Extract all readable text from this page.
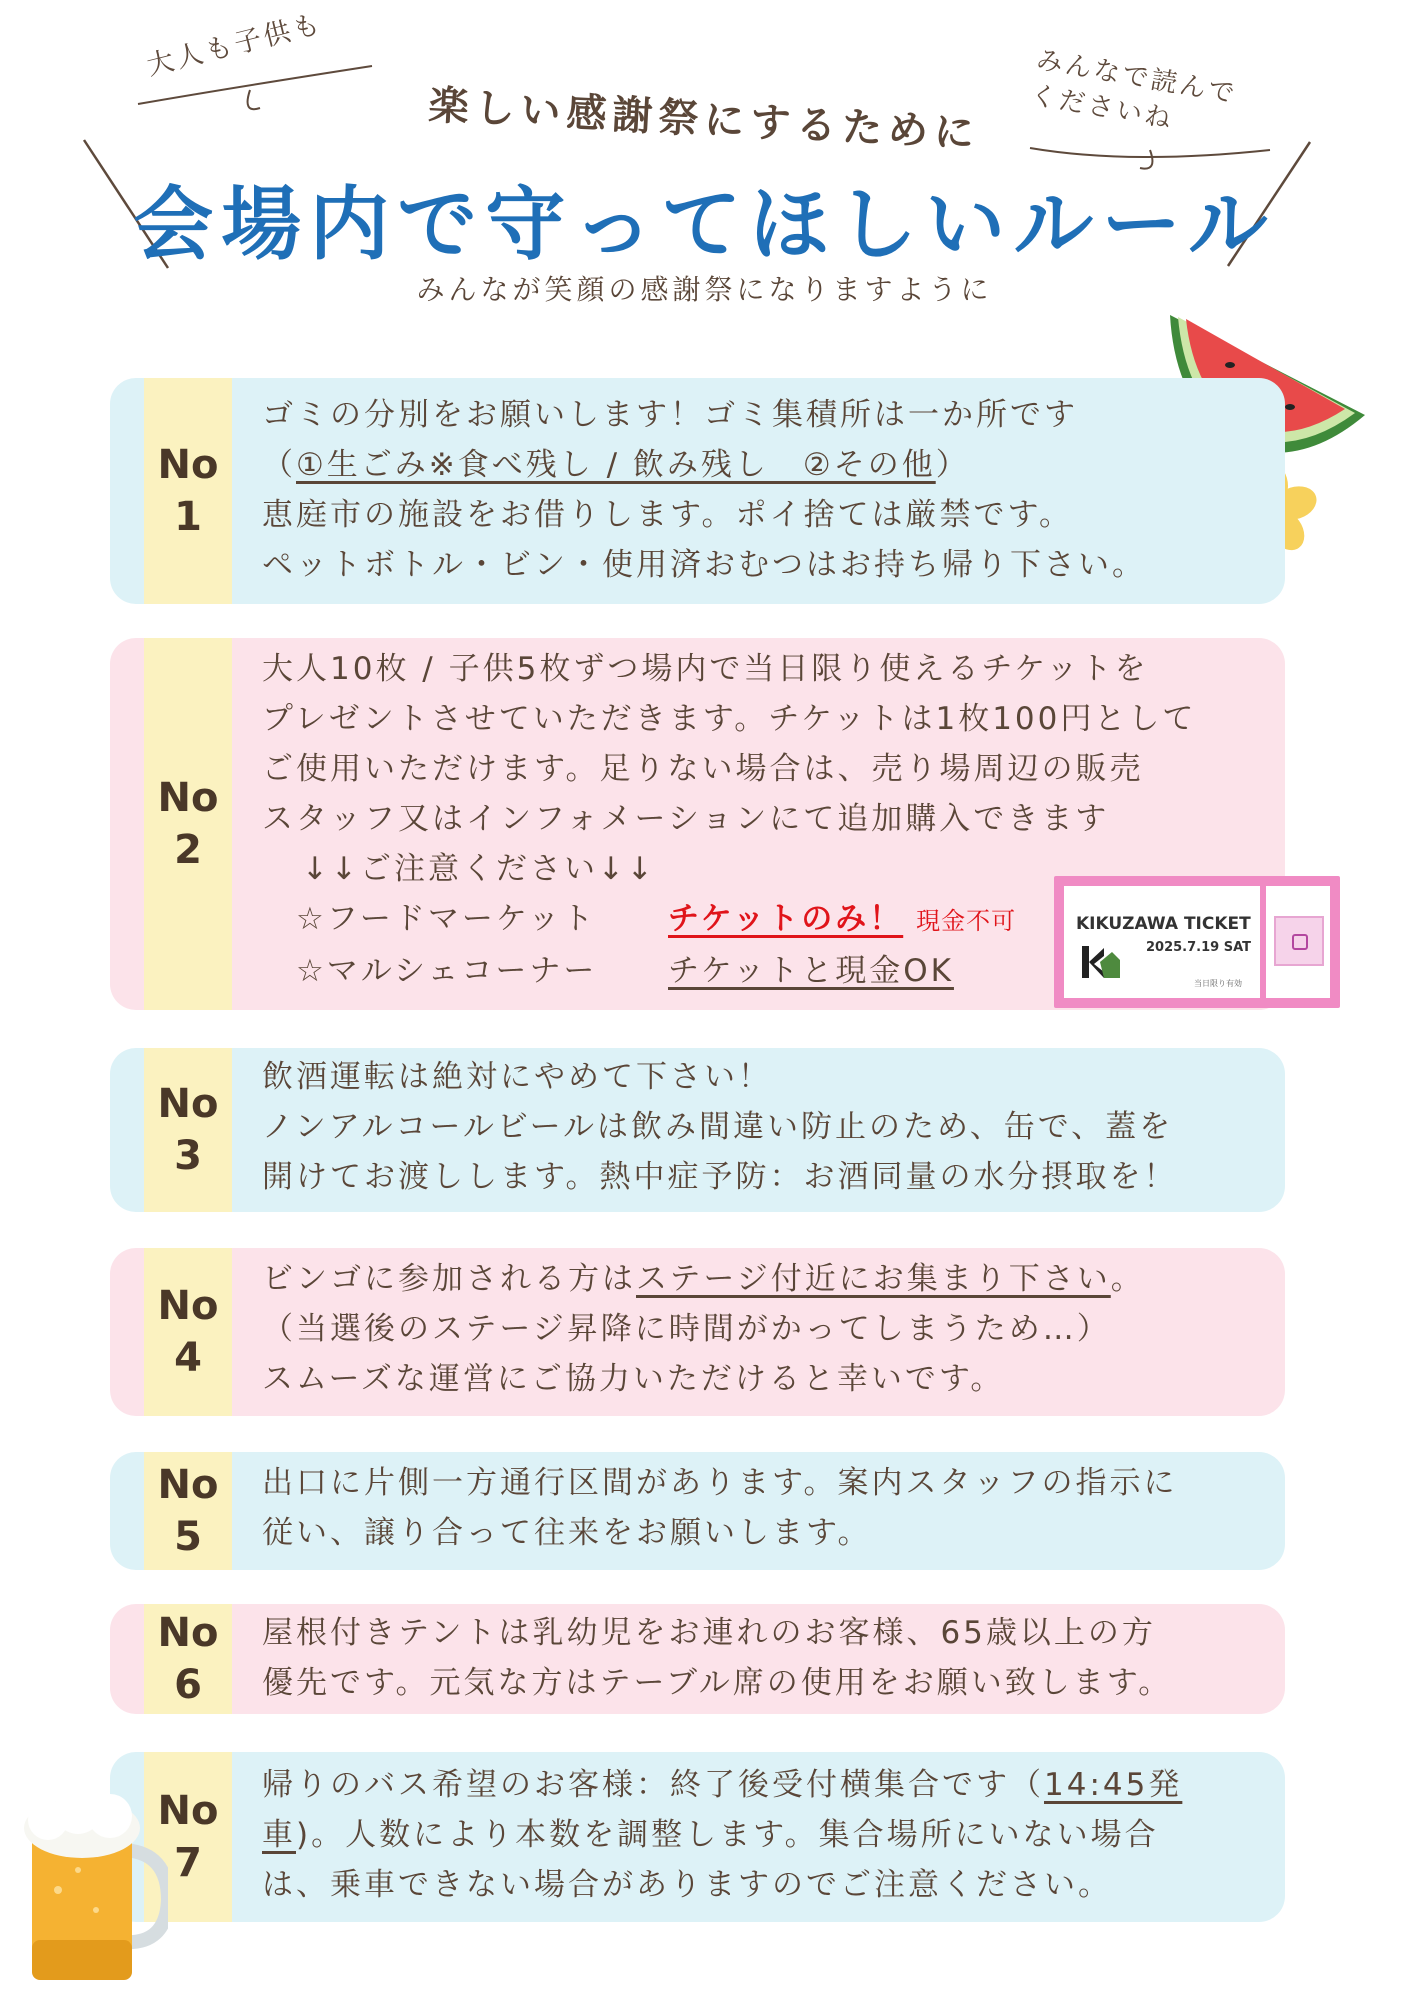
大人も子供も	みんなで読んで
くださいね
楽しい感謝祭にするために
会場内で守ってほしいルール
みんなが笑顔の感謝祭になりますように
No
1
ゴミの分別をお願いします！ゴミ集積所は一か所です
（①生ごみ※食べ残し / 飲み残し　②その他）
恵庭市の施設をお借りします。ポイ捨ては厳禁です。
ペットボトル・ビン・使用済おむつはお持ち帰り下さい。
No
2
大人10枚 / 子供5枚ずつ場内で当日限り使えるチケットを
プレゼントさせていただきます。チケットは1枚100円として
ご使用いただけます。足りない場合は、売り場周辺の販売
スタッフ又はインフォメーションにて追加購入できます
↓↓ご注意ください↓↓
☆フードマーケット チケットのみ！ 現金不可
☆マルシェコーナー チケットと現金OK
KIKUZAWA TICKET
2025.7.19 SAT
当日限り有効
No
3
飲酒運転は絶対にやめて下さい！
ノンアルコールビールは飲み間違い防止のため、缶で、蓋を
開けてお渡しします。熱中症予防：お酒同量の水分摂取を！
No
4
ビンゴに参加される方はステージ付近にお集まり下さい。
（当選後のステージ昇降に時間がかってしまうため…）
スムーズな運営にご協力いただけると幸いです。
No
5
出口に片側一方通行区間があります。案内スタッフの指示に
従い、譲り合って往来をお願いします。
No
6
屋根付きテントは乳幼児をお連れのお客様、65歳以上の方
優先です。元気な方はテーブル席の使用をお願い致します。
No
7
帰りのバス希望のお客様：終了後受付横集合です（14:45発
車)。人数により本数を調整します。集合場所にいない場合
は、乗車できない場合がありますのでご注意ください。
